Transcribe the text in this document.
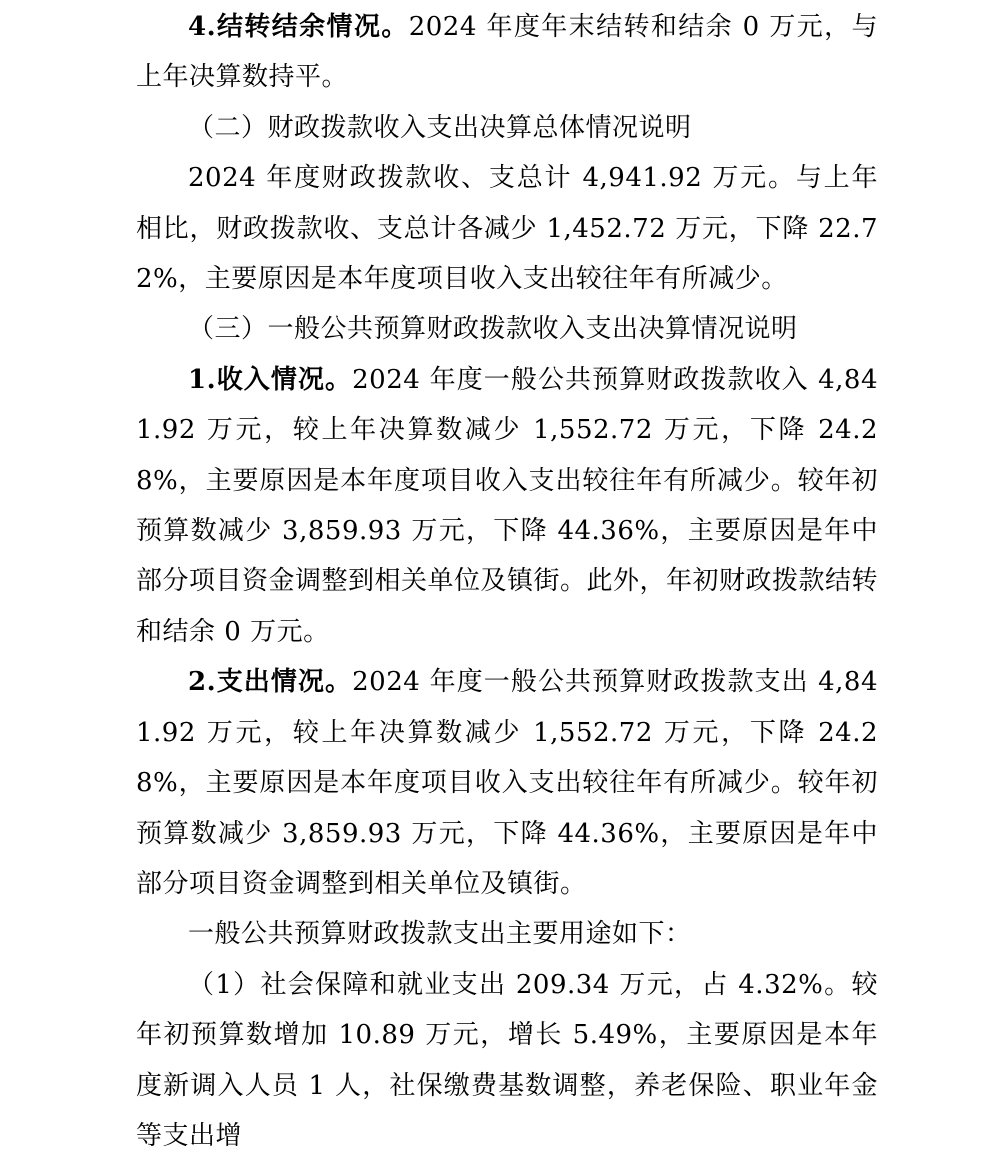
4.结转结余情况。2024 年度年末结转和结余 0 万元，与上年决算数持平。

（二）财政拨款收入支出决算总体情况说明

2024 年度财政拨款收、支总计 4,941.92 万元。与上年相比，财政拨款收、支总计各减少 1,452.72 万元，下降 22.72%，主要原因是本年度项目收入支出较往年有所减少。

（三）一般公共预算财政拨款收入支出决算情况说明

1.收入情况。2024 年度一般公共预算财政拨款收入 4,841.92 万元，较上年决算数减少 1,552.72 万元，下降 24.28%，主要原因是本年度项目收入支出较往年有所减少。较年初预算数减少 3,859.93 万元，下降 44.36%，主要原因是年中部分项目资金调整到相关单位及镇街。此外，年初财政拨款结转和结余 0 万元。

2.支出情况。2024 年度一般公共预算财政拨款支出 4,841.92 万元，较上年决算数减少 1,552.72 万元，下降 24.28%，主要原因是本年度项目收入支出较往年有所减少。较年初预算数减少 3,859.93 万元，下降 44.36%，主要原因是年中部分项目资金调整到相关单位及镇街。

一般公共预算财政拨款支出主要用途如下：

（1）社会保障和就业支出 209.34 万元，占 4.32%。较年初预算数增加 10.89 万元，增长 5.49%，主要原因是本年度新调入人员 1 人，社保缴费基数调整，养老保险、职业年金等支出增
